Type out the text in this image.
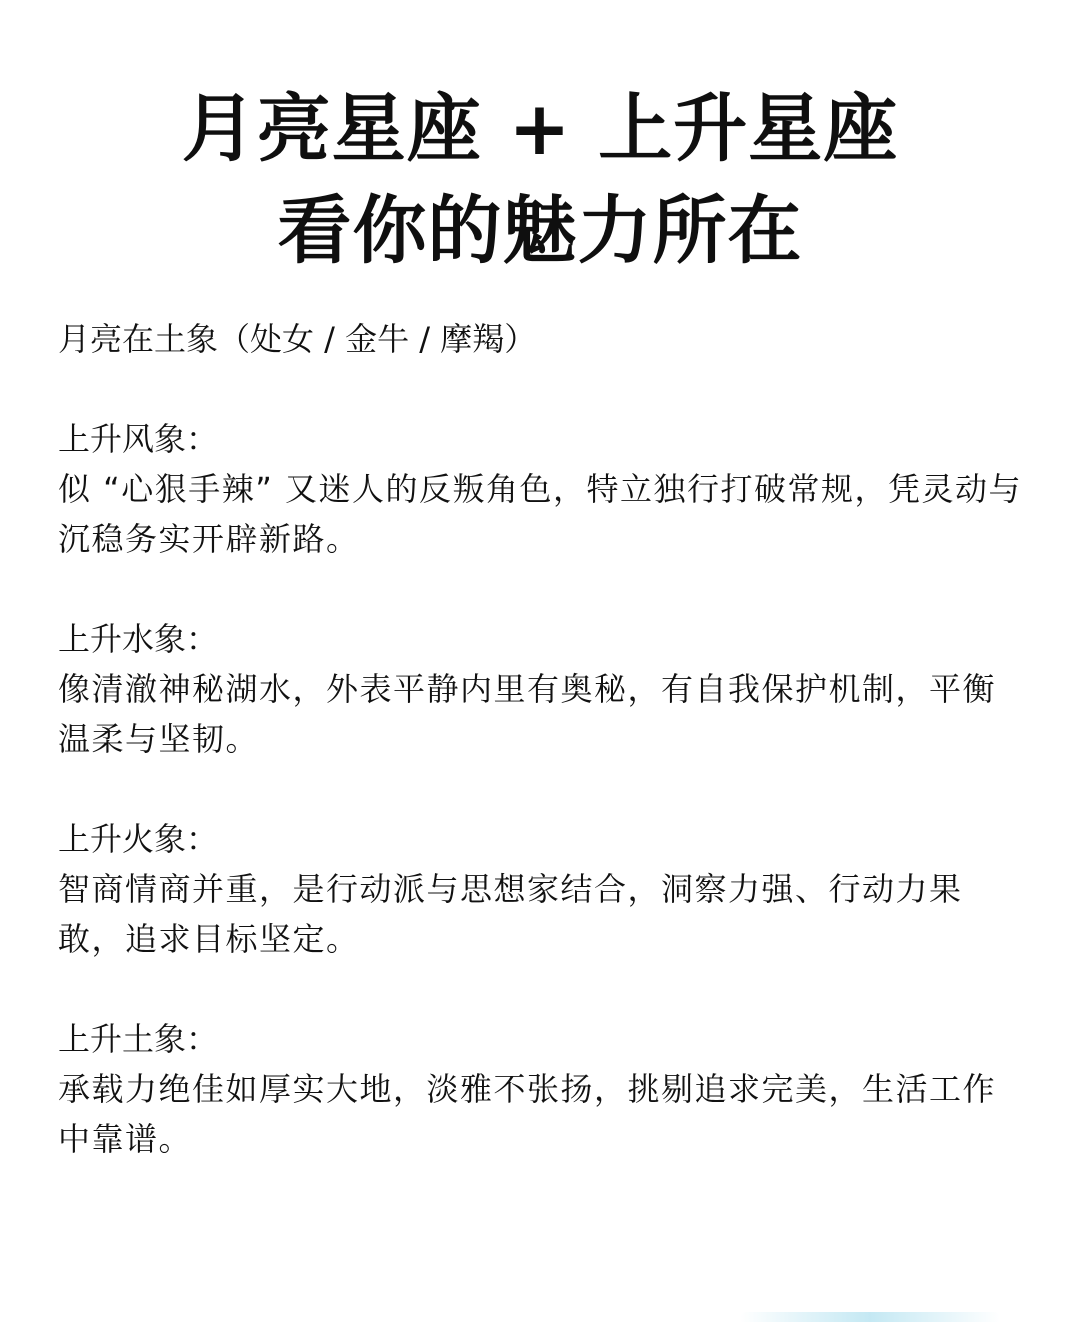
月亮星座 + 上升星座
看你的魅力所在
月亮在土象（处女 / 金牛 / 摩羯）
上升风象：
似 “心狠手辣” 又迷人的反叛角色，特立独行打破常规，凭灵动与沉稳务实开辟新路。
上升水象：
像清澈神秘湖水，外表平静内里有奥秘，有自我保护机制，平衡温柔与坚韧。
上升火象：
智商情商并重，是行动派与思想家结合，洞察力强、行动力果敢，追求目标坚定。
上升土象：
承载力绝佳如厚实大地，淡雅不张扬，挑剔追求完美，生活工作中靠谱。
